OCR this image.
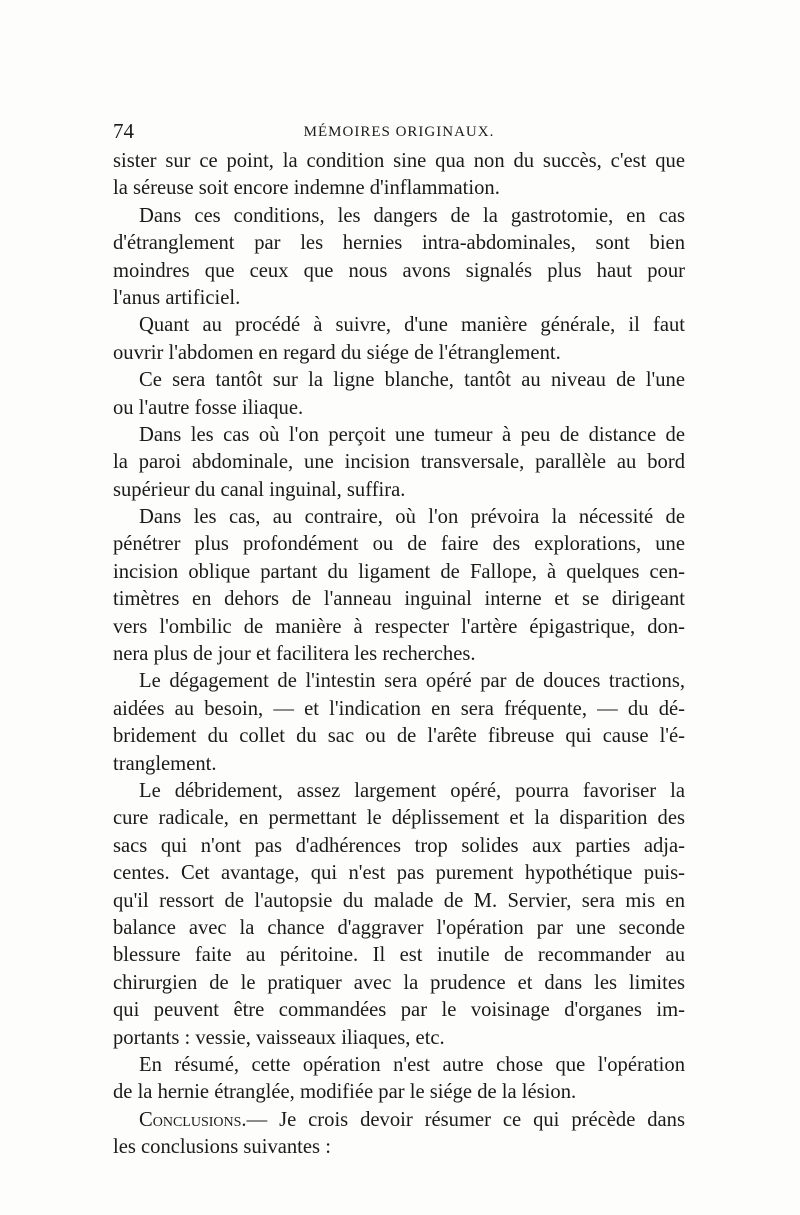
74	MÉMOIRES ORIGINAUX.
sister sur ce point, la condition sine qua non du succès, c'est que
la séreuse soit encore indemne d'inflammation.
Dans ces conditions, les dangers de la gastrotomie, en cas
d'étranglement par les hernies intra-abdominales, sont bien
moindres que ceux que nous avons signalés plus haut pour
l'anus artificiel.
Quant au procédé à suivre, d'une manière générale, il faut
ouvrir l'abdomen en regard du siége de l'étranglement.
Ce sera tantôt sur la ligne blanche, tantôt au niveau de l'une
ou l'autre fosse iliaque.
Dans les cas où l'on perçoit une tumeur à peu de distance de
la paroi abdominale, une incision transversale, parallèle au bord
supérieur du canal inguinal, suffira.
Dans les cas, au contraire, où l'on prévoira la nécessité de
pénétrer plus profondément ou de faire des explorations, une
incision oblique partant du ligament de Fallope, à quelques cen-
timètres en dehors de l'anneau inguinal interne et se dirigeant
vers l'ombilic de manière à respecter l'artère épigastrique, don-
nera plus de jour et facilitera les recherches.
Le dégagement de l'intestin sera opéré par de douces tractions,
aidées au besoin, — et l'indication en sera fréquente, — du dé-
bridement du collet du sac ou de l'arête fibreuse qui cause l'é-
tranglement.
Le débridement, assez largement opéré, pourra favoriser la
cure radicale, en permettant le déplissement et la disparition des
sacs qui n'ont pas d'adhérences trop solides aux parties adja-
centes. Cet avantage, qui n'est pas purement hypothétique puis-
qu'il ressort de l'autopsie du malade de M. Servier, sera mis en
balance avec la chance d'aggraver l'opération par une seconde
blessure faite au péritoine. Il est inutile de recommander au
chirurgien de le pratiquer avec la prudence et dans les limites
qui peuvent être commandées par le voisinage d'organes im-
portants : vessie, vaisseaux iliaques, etc.
En résumé, cette opération n'est autre chose que l'opération
de la hernie étranglée, modifiée par le siége de la lésion.
Conclusions.— Je crois devoir résumer ce qui précède dans
les conclusions suivantes :
